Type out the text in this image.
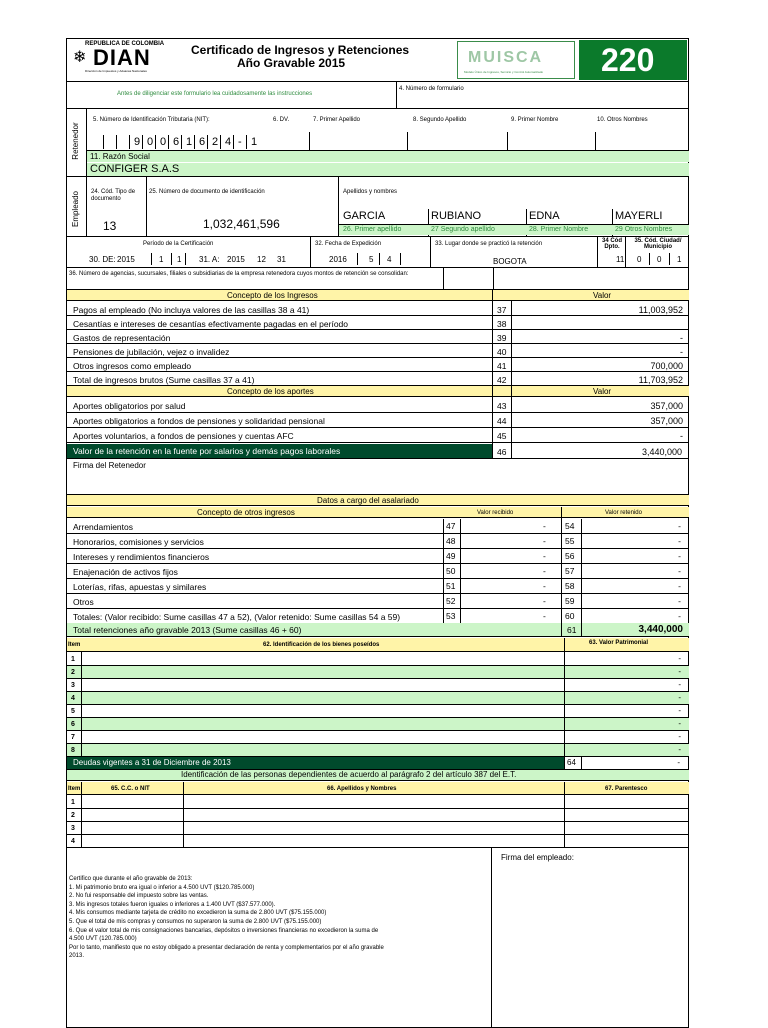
REPUBLICA DE COLOMBIA
❄ DIAN
Dirección de Impuestos y Aduanas Nacionales
Certificado de Ingresos y Retenciones
Año Gravable 2015	MUISCA
Modelo Único de Ingresos, Servicio y Control Automatizado 220
Antes de diligenciar este formulario lea cuidadosamente las instrucciones
4. Número de formulario
Retenedor
5. Número de Identificación Tributaria (NIT):	6. DV.	7. Primer Apellido	8. Segundo Apellido	9. Primer Nombre	10. Otros Nombres
9 0 0 6 1 6 2 4 - 1
11. Razón Social
CONFIGER S.A.S
Empleado 24. Cód. Tipo de documento
25. Número de documento de identificación	Apellidos y nombres
13	1,032,461,596
GARCIA	RUBIANO	EDNA	MAYERLI
26. Primer apellido	27 Segundo apellido	28. Primer Nombre	29 Otros Nombres
Período de la Certificación
30. DE: 2015	1 1 31. A: 2015 12 31
32. Fecha de Expedición
2016	5 4
33. Lugar donde se practicó la retención
BOGOTA
34 Cód Dpto.
11
35. Cód. Ciudad/ Municipio
0 0 1
36. Número de agencias, sucursales, filiales o subsidiarias de la empresa retenedora cuyos montos de retención se consolidan:
Concepto de los Ingresos	Valor
Pagos al empleado (No incluya valores de las casillas 38 a 41)	37	11,003,952
Cesantías e intereses de cesantías efectivamente pagadas en el período	38
Gastos de representación	39	-
Pensiones de jubilación, vejez o invalidez	40	-
Otros ingresos como empleado	41	700,000
Total de ingresos brutos (Sume casillas 37 a 41)	42	11,703,952
Concepto de los aportes	Valor
Aportes obligatorios por salud	43	357,000
Aportes obligatorios a fondos de pensiones y solidaridad pensional	44	357,000
Aportes voluntarios, a fondos de pensiones y cuentas AFC	45	-
Valor de la retención en la fuente por salarios y demás pagos laborales	46	3,440,000
Firma del Retenedor
Datos a cargo del asalariado
Concepto de otros ingresos	Valor recibido	Valor retenido
Arrendamientos	47	- 54	-
Honorarios, comisiones y servicios	48	- 55	-
Intereses y rendimientos financieros	49	- 56	-
Enajenación de activos fijos	50	- 57	-
Loterías, rifas, apuestas y similares	51	- 58	-
Otros	52	- 59	-
Totales: (Valor recibido: Sume casillas 47 a 52), (Valor retenido: Sume casillas 54 a 59)	53	- 60	-
Total retenciones año gravable 2013 (Sume casillas 46 + 60)	61	3,440,000
Item	62. Identificación de los bienes poseídos	63. Valor Patrimonial
1	-
2	-
3	-
4	-
5	-
6	-
7	-
8	-
Deudas vigentes a 31 de Diciembre de 2013	64	-
Identificación de las personas dependientes de acuerdo al parágrafo 2 del artículo 387 del E.T.
Item	65. C.C. o NIT	66. Apellidos y Nombres	67. Parentesco
1
2
3
4
Firma del empleado:
Certifico que durante el año gravable de 2013:
1. Mi patrimonio bruto era igual o inferior a 4.500 UVT ($120.785.000)
2. No fui responsable del impuesto sobre las ventas.
3. Mis ingresos totales fueron iguales o inferiores a 1.400 UVT ($37.577.000).
4. Mis consumos mediante tarjeta de crédito no excedieron la suma de 2.800 UVT ($75.155.000)
5. Que el total de mis compras y consumos no superaron la suma de 2.800 UVT ($75.155.000)
6. Que el valor total de mis consignaciones bancarias, depósitos o inversiones financieras no excedieron la suma de
4.500 UVT (120.785.000)
Por lo tanto, manifiesto que no estoy obligado a presentar declaración de renta y complementarios por el año gravable
2013.
